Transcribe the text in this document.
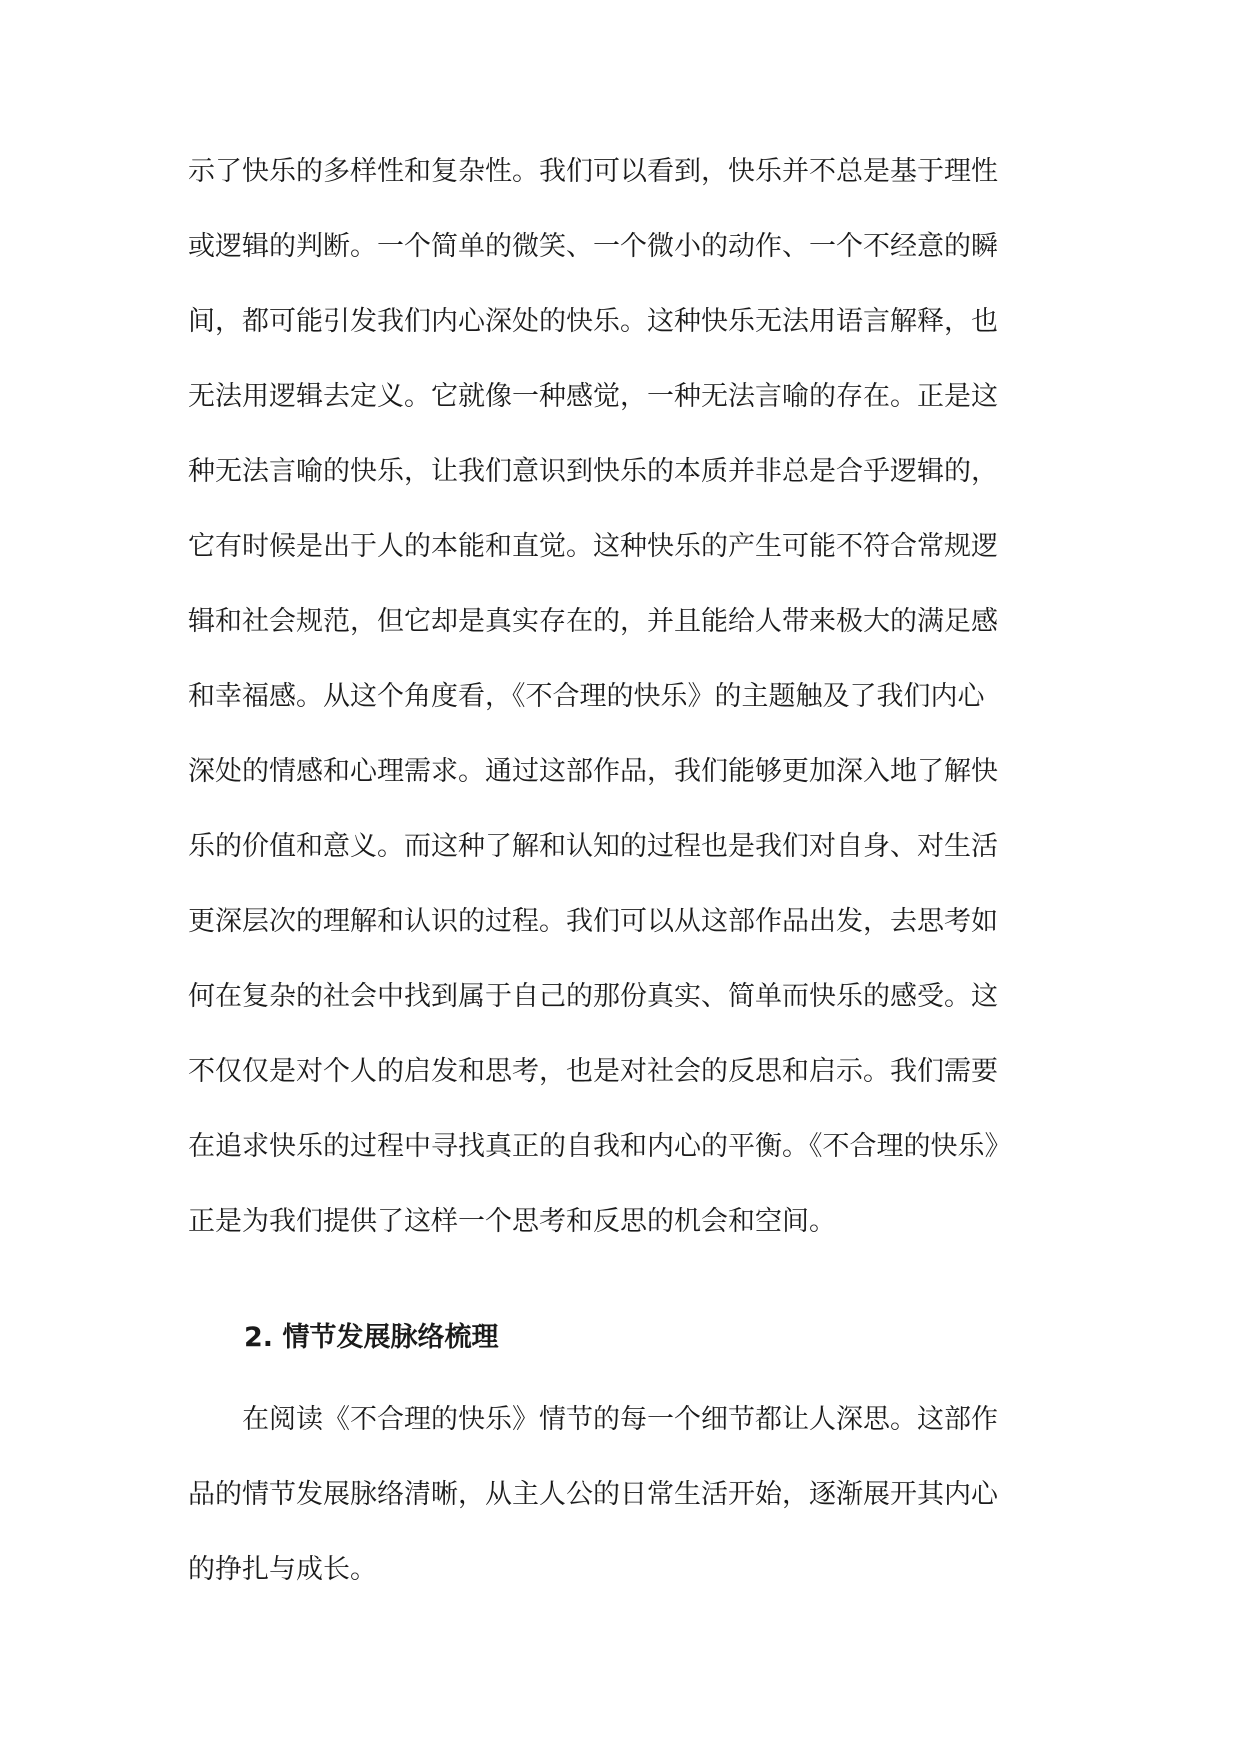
示了快乐的多样性和复杂性。我们可以看到，快乐并不总是基于理性
或逻辑的判断。一个简单的微笑、一个微小的动作、一个不经意的瞬
间，都可能引发我们内心深处的快乐。这种快乐无法用语言解释，也
无法用逻辑去定义。它就像一种感觉，一种无法言喻的存在。正是这
种无法言喻的快乐，让我们意识到快乐的本质并非总是合乎逻辑的，
它有时候是出于人的本能和直觉。这种快乐的产生可能不符合常规逻
辑和社会规范，但它却是真实存在的，并且能给人带来极大的满足感
和幸福感。从这个角度看，《不合理的快乐》的主题触及了我们内心
深处的情感和心理需求。通过这部作品，我们能够更加深入地了解快
乐的价值和意义。而这种了解和认知的过程也是我们对自身、对生活
更深层次的理解和认识的过程。我们可以从这部作品出发，去思考如
何在复杂的社会中找到属于自己的那份真实、简单而快乐的感受。这
不仅仅是对个人的启发和思考，也是对社会的反思和启示。我们需要
在追求快乐的过程中寻找真正的自我和内心的平衡。《不合理的快乐》
正是为我们提供了这样一个思考和反思的机会和空间。
2. 情节发展脉络梳理
　　在阅读《不合理的快乐》情节的每一个细节都让人深思。这部作
品的情节发展脉络清晰，从主人公的日常生活开始，逐渐展开其内心
的挣扎与成长。
